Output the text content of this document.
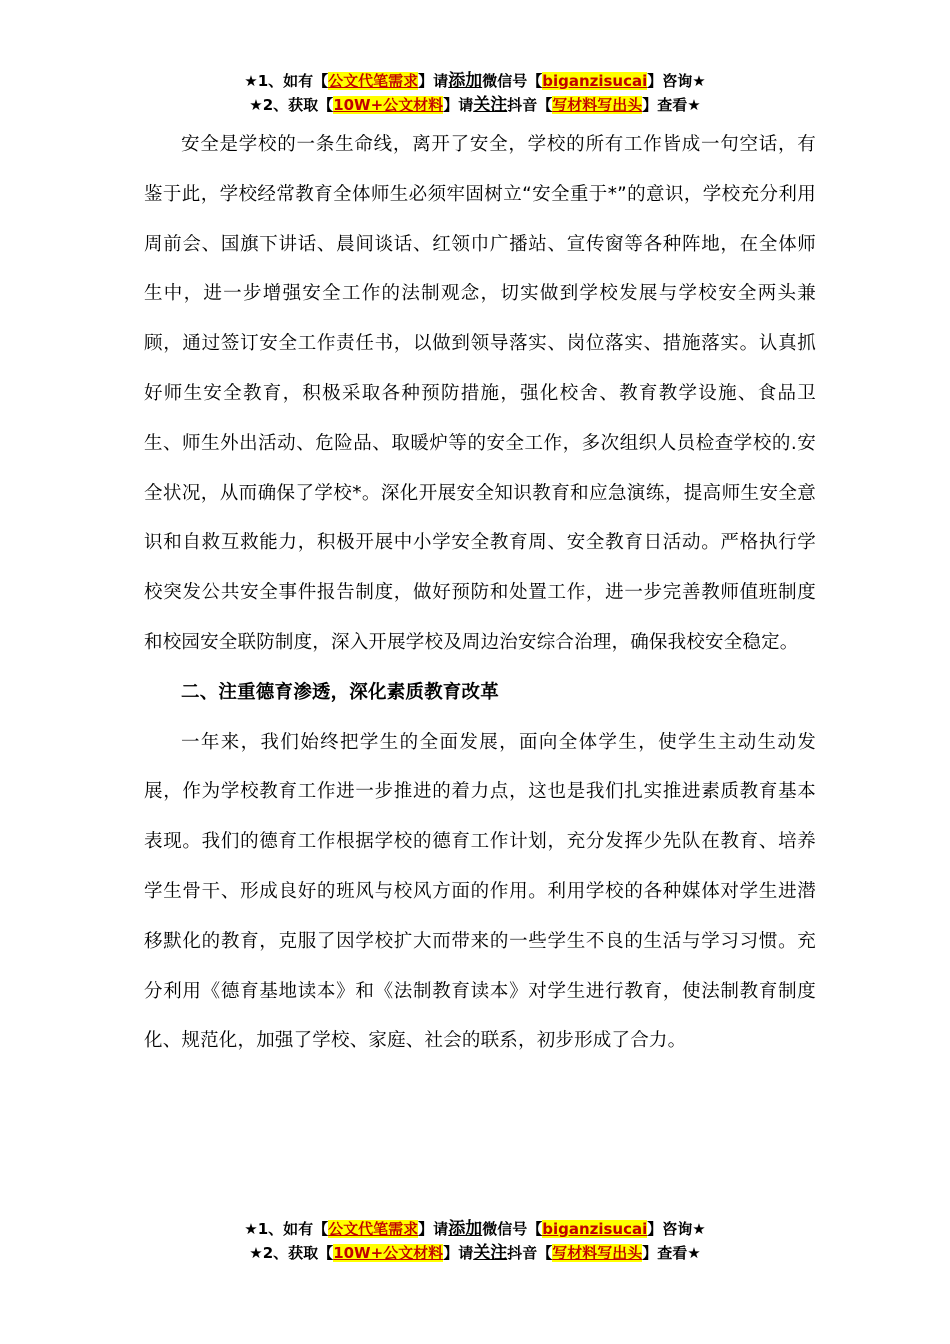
★1、如有【公文代笔需求】请添加微信号【biganzisucai】咨询★
★2、获取【10W+公文材料】请关注抖音【写材料写出头】查看★

安全是学校的一条生命线，离开了安全，学校的所有工作皆成一句空话，有鉴于此，学校经常教育全体师生必须牢固树立“安全重于*”的意识，学校充分利用周前会、国旗下讲话、晨间谈话、红领巾广播站、宣传窗等各种阵地，在全体师生中，进一步增强安全工作的法制观念，切实做到学校发展与学校安全两头兼顾，通过签订安全工作责任书，以做到领导落实、岗位落实、措施落实。认真抓好师生安全教育，积极采取各种预防措施，强化校舍、教育教学设施、食品卫生、师生外出活动、危险品、取暖炉等的安全工作，多次组织人员检查学校的.安全状况，从而确保了学校*。深化开展安全知识教育和应急演练，提高师生安全意识和自救互救能力，积极开展中小学安全教育周、安全教育日活动。严格执行学校突发公共安全事件报告制度，做好预防和处置工作，进一步完善教师值班制度和校园安全联防制度，深入开展学校及周边治安综合治理，确保我校安全稳定。

二、注重德育渗透，深化素质教育改革

一年来，我们始终把学生的全面发展，面向全体学生，使学生主动生动发展，作为学校教育工作进一步推进的着力点，这也是我们扎实推进素质教育基本表现。我们的德育工作根据学校的德育工作计划，充分发挥少先队在教育、培养学生骨干、形成良好的班风与校风方面的作用。利用学校的各种媒体对学生进潜移默化的教育，克服了因学校扩大而带来的一些学生不良的生活与学习习惯。充分利用《德育基地读本》和《法制教育读本》对学生进行教育，使法制教育制度化、规范化，加强了学校、家庭、社会的联系，初步形成了合力。

★1、如有【公文代笔需求】请添加微信号【biganzisucai】咨询★
★2、获取【10W+公文材料】请关注抖音【写材料写出头】查看★
